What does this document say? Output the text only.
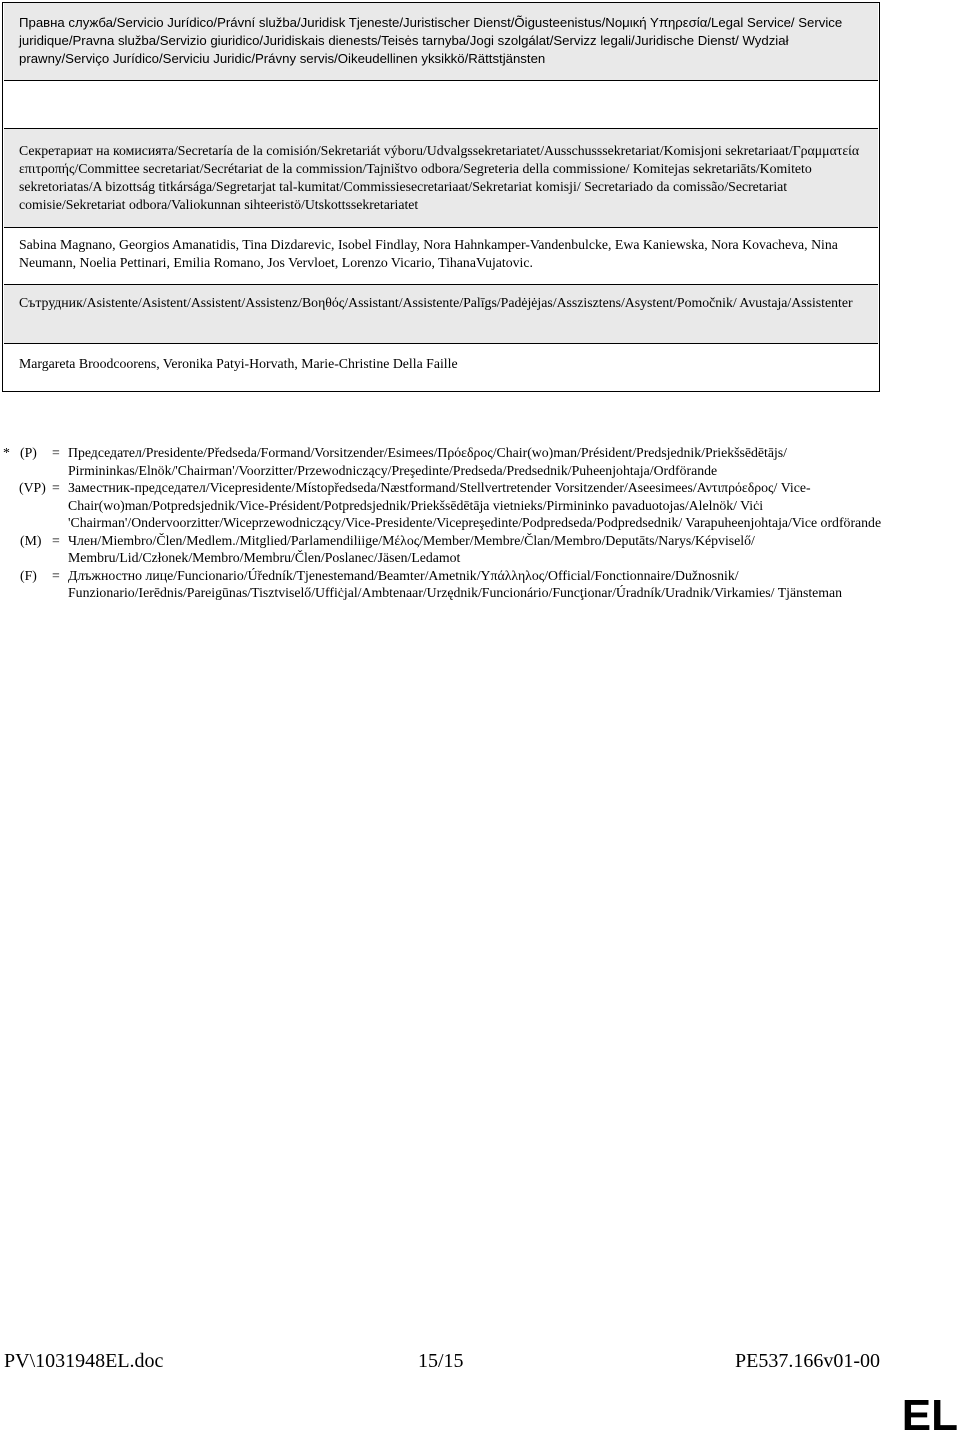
Правна служба/Servicio Jurídico/Právní služba/Juridisk Tjeneste/Juristischer Dienst/Õigusteenistus/Νομική Υπηρεσία/Legal Service/ Service juridique/Pravna služba/Servizio giuridico/Juridiskais dienests/Teisės tarnyba/Jogi szolgálat/Servizz legali/Juridische Dienst/ Wydział prawny/Serviço Jurídico/Serviciu Juridic/Právny servis/Oikeudellinen yksikkö/Rättstjänsten
Секретариат на комисията/Secretaría de la comisión/Sekretariát výboru/Udvalgssekretariatet/Ausschusssekretariat/Komisjoni sekretariaat/Γραμματεία επιτροπής/Committee secretariat/Secrétariat de la commission/Tajništvo odbora/Segreteria della commissione/ Komitejas sekretariāts/Komiteto sekretoriatas/A bizottság titkársága/Segretarjat tal-kumitat/Commissiesecretariaat/Sekretariat komisji/ Secretariado da comissão/Secretariat comisie/Sekretariat odbora/Valiokunnan sihteeristö/Utskottssekretariatet
Sabina Magnano, Georgios Amanatidis, Tina Dizdarevic, Isobel Findlay, Nora Hahnkamper-Vandenbulcke, Ewa Kaniewska, Nora Kovacheva, Nina Neumann, Noelia Pettinari, Emilia Romano, Jos Vervloet, Lorenzo Vicario, TihanaVujatovic.
Сътрудник/Asistente/Asistent/Assistent/Assistenz/Βοηθός/Assistant/Assistente/Palīgs/Padėjėjas/Asszisztens/Asystent/Pomočnik/ Avustaja/Assistenter
Margareta Broodcoorens, Veronika Patyi-Horvath, Marie-Christine Della Faille
* (P) = Председател/Presidente/Předseda/Formand/Vorsitzender/Esimees/Πρόεδρος/Chair(wo)man/Président/Predsjednik/Priekšsēdētājs/ Pirmininkas/Elnök/'Chairman'/Voorzitter/Przewodniczący/Preşedinte/Predseda/Predsednik/Puheenjohtaja/Ordförande
(VP) = Заместник-председател/Vicepresidente/Místopředseda/Næstformand/Stellvertretender Vorsitzender/Aseesimees/Αντιπρόεδρος/ Vice-Chair(wo)man/Potpredsjednik/Vice-Président/Potpredsjednik/Priekšsēdētāja vietnieks/Pirmininko pavaduotojas/Alelnök/ Viċi 'Chairman'/Ondervoorzitter/Wiceprzewodniczący/Vice-Presidente/Vicepreşedinte/Podpredseda/Podpredsednik/ Varapuheenjohtaja/Vice ordförande
(M) = Член/Miembro/Člen/Medlem./Mitglied/Parlamendiliige/Μέλος/Member/Membre/Član/Membro/Deputāts/Narys/Képviselő/ Membru/Lid/Członek/Membro/Membru/Člen/Poslanec/Jäsen/Ledamot
(F) = Длъжностно лице/Funcionario/Úředník/Tjenestemand/Beamter/Ametnik/Υπάλληλος/Official/Fonctionnaire/Dužnosnik/ Funzionario/Ierēdnis/Pareigūnas/Tisztviselő/Uffiċjal/Ambtenaar/Urzędnik/Funcionário/Funcţionar/Úradník/Uradnik/Virkamies/ Tjänsteman
PV\1031948EL.doc	15/15	PE537.166v01-00
EL
